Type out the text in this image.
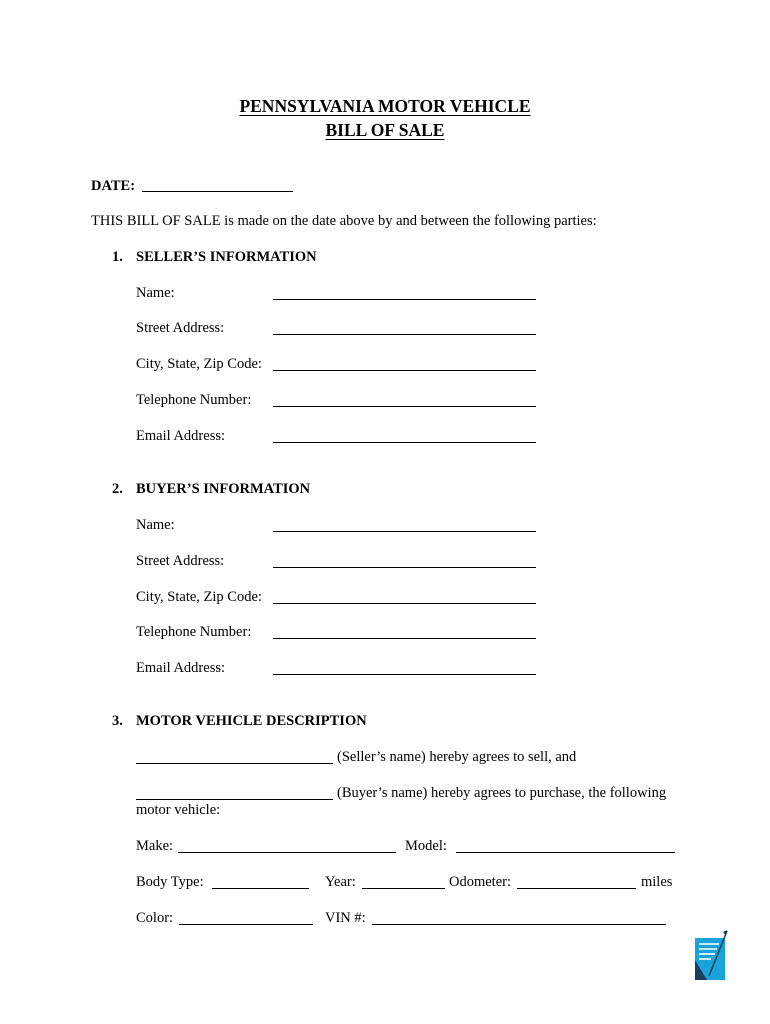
PENNSYLVANIA MOTOR VEHICLE
BILL OF SALE
DATE:
THIS BILL OF SALE is made on the date above by and between the following parties:
1. SELLER’S INFORMATION
Name:
Street Address:
City, State, Zip Code:
Telephone Number:
Email Address:
2. BUYER’S INFORMATION
Name:
Street Address:
City, State, Zip Code:
Telephone Number:
Email Address:
3. MOTOR VEHICLE DESCRIPTION
(Seller’s name) hereby agrees to sell, and
(Buyer’s name) hereby agrees to purchase, the following
motor vehicle:
Make:	Model:
Body Type:	Year:	Odometer:	miles
Color:	VIN #:
